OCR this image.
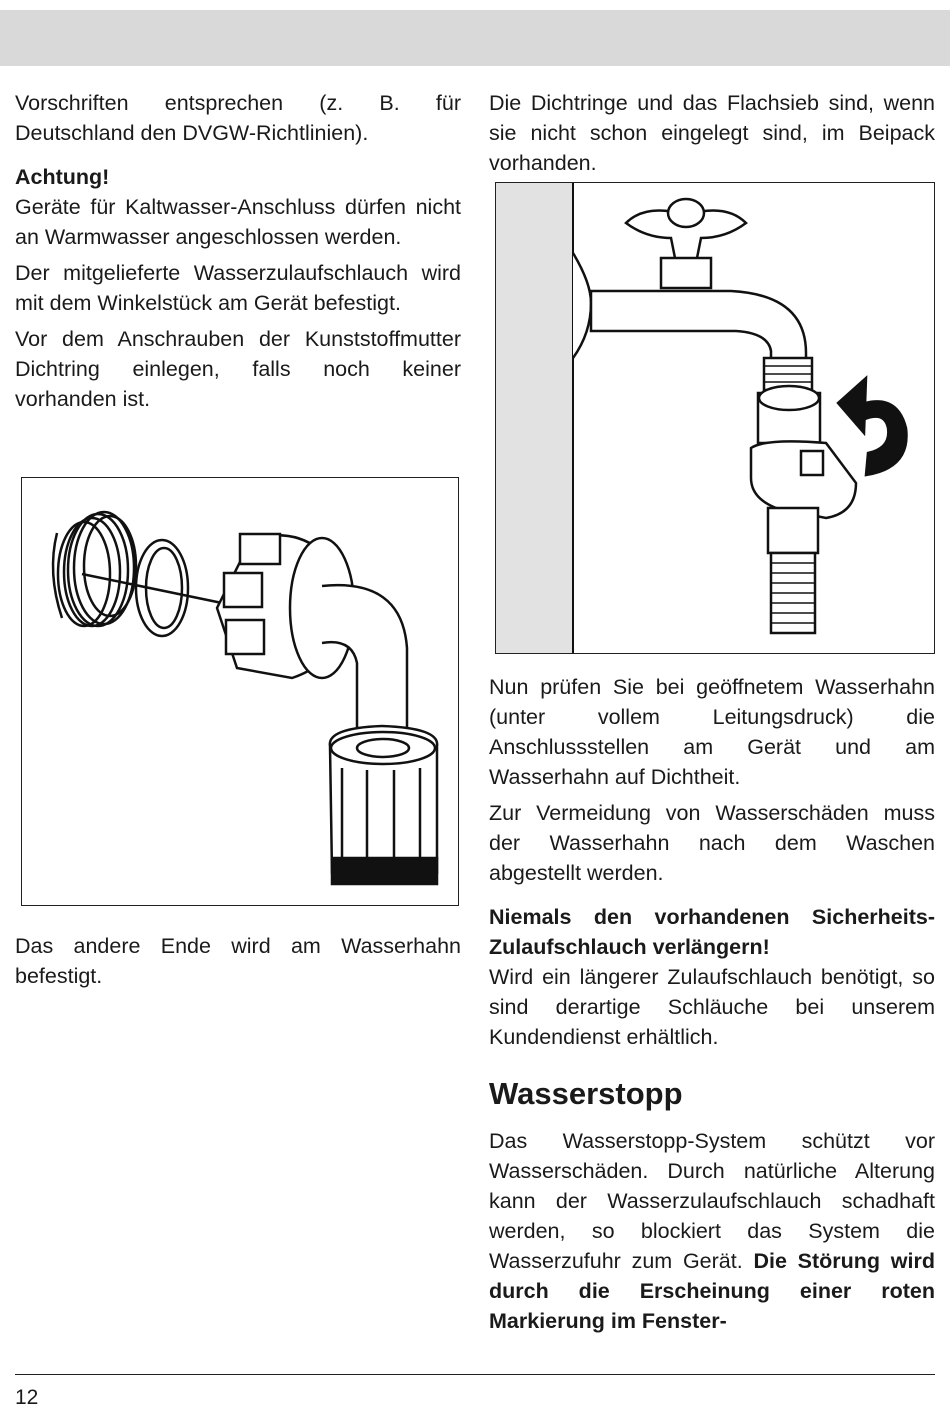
Vorschriften entsprechen (z. B. für Deutschland den DVGW-Richtlinien).

Achtung!

Geräte für Kaltwasser-Anschluss dürfen nicht an Warmwasser angeschlossen werden.

Der mitgelieferte Wasserzulaufschlauch wird mit dem Winkelstück am Gerät befestigt.

Vor dem Anschrauben der Kunststoffmutter Dichtring einlegen, falls noch keiner vorhanden ist.

Das andere Ende wird am Wasserhahn befestigt.

Die Dichtringe und das Flachsieb sind, wenn sie nicht schon eingelegt sind, im Beipack vorhanden.

Nun prüfen Sie bei geöffnetem Wasserhahn (unter vollem Leitungsdruck) die Anschlussstellen am Gerät und am Wasserhahn auf Dichtheit.

Zur Vermeidung von Wasserschäden muss der Wasserhahn nach dem Waschen abgestellt werden.

Niemals den vorhandenen Sicherheits-Zulaufschlauch verlängern!

Wird ein längerer Zulaufschlauch benötigt, so sind derartige Schläuche bei unserem Kundendienst erhältlich.

Wasserstopp

Das Wasserstopp-System schützt vor Wasserschäden. Durch natürliche Alterung kann der Wasserzulaufschlauch schadhaft werden, so blockiert das System die Wasserzufuhr zum Gerät. Die Störung wird durch die Erscheinung einer roten Markierung im Fenster-

12
